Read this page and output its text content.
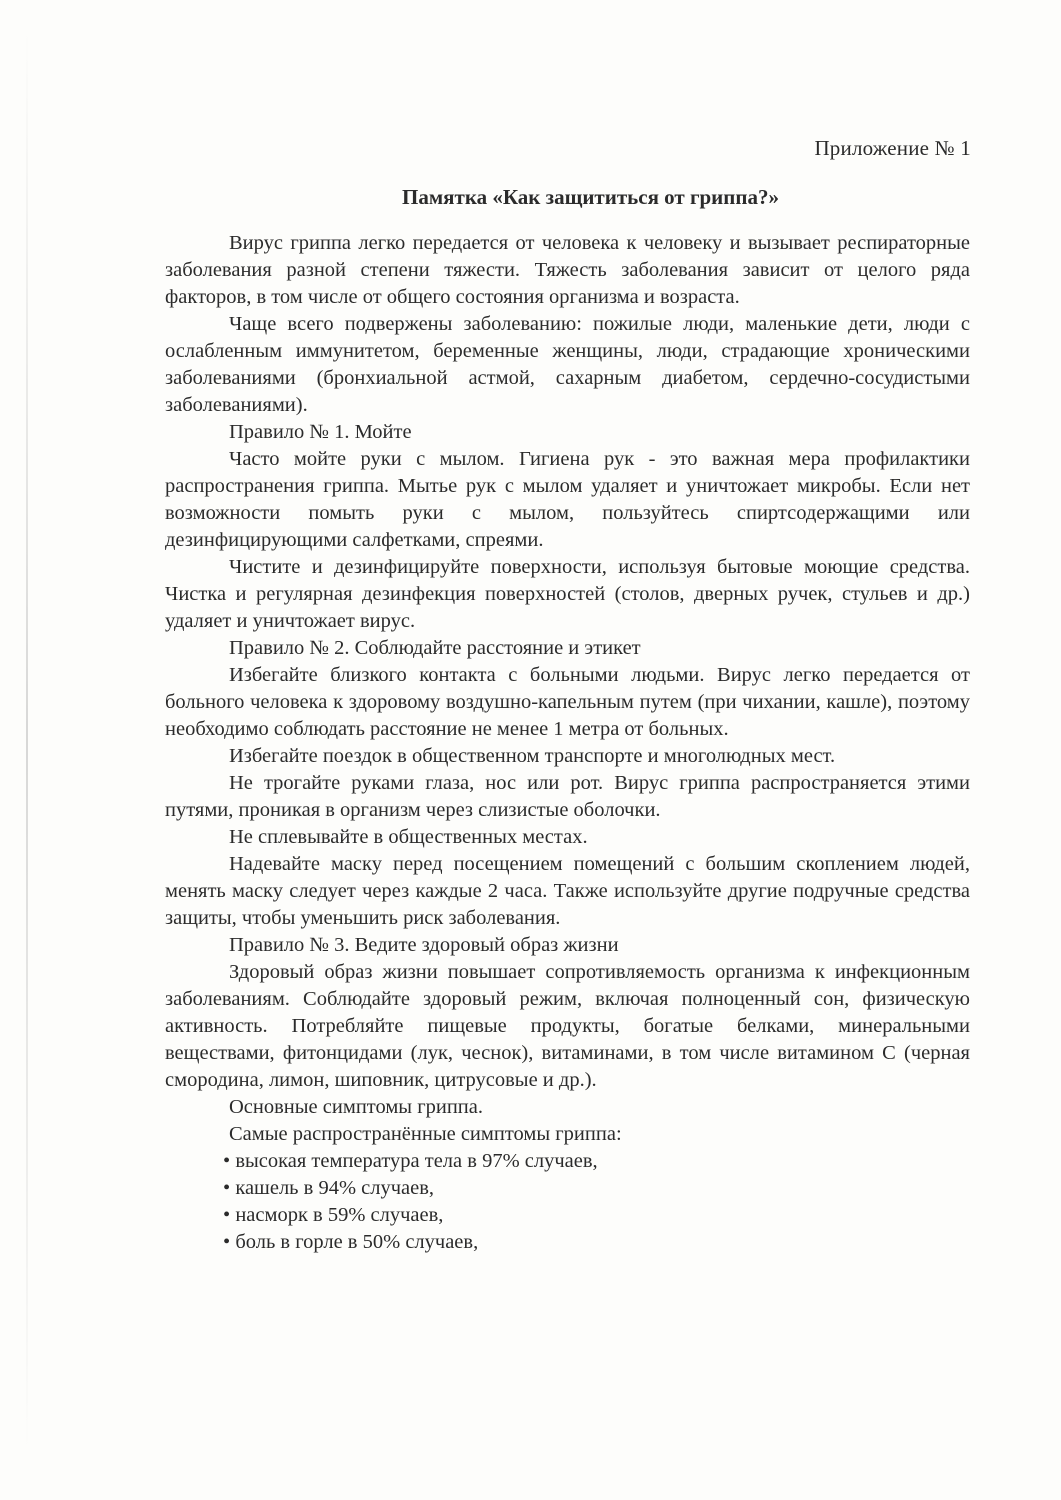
Приложение № 1
Памятка «Как защититься от гриппа?»

Вирус гриппа легко передается от человека к человеку и вызывает респираторные заболевания разной степени тяжести. Тяжесть заболевания зависит от целого ряда факторов, в том числе от общего состояния организма и возраста.

Чаще всего подвержены заболеванию: пожилые люди, маленькие дети, люди с ослабленным иммунитетом, беременные женщины, люди, страдающие хроническими заболеваниями (бронхиальной астмой, сахарным диабетом, сердечно-сосудистыми заболеваниями).

Правило № 1. Мойте

Часто мойте руки с мылом. Гигиена рук - это важная мера профилактики распространения гриппа. Мытье рук с мылом удаляет и уничтожает микробы. Если нет возможности помыть руки с мылом, пользуйтесь спиртсодержащими или дезинфицирующими салфетками, спреями.

Чистите и дезинфицируйте поверхности, используя бытовые моющие средства. Чистка и регулярная дезинфекция поверхностей (столов, дверных ручек, стульев и др.) удаляет и уничтожает вирус.

Правило № 2. Соблюдайте расстояние и этикет

Избегайте близкого контакта с больными людьми. Вирус легко передается от больного человека к здоровому воздушно-капельным путем (при чихании, кашле), поэтому необходимо соблюдать расстояние не менее 1 метра от больных.

Избегайте поездок в общественном транспорте и многолюдных мест.

Не трогайте руками глаза, нос или рот. Вирус гриппа распространяется этими путями, проникая в организм через слизистые оболочки.

Не сплевывайте в общественных местах.

Надевайте маску перед посещением помещений с большим скоплением людей, менять маску следует через каждые 2 часа. Также используйте другие подручные средства защиты, чтобы уменьшить риск заболевания.

Правило № 3. Ведите здоровый образ жизни

Здоровый образ жизни повышает сопротивляемость организма к инфекционным заболеваниям. Соблюдайте здоровый режим, включая полноценный сон, физическую активность. Потребляйте пищевые продукты, богатые белками, минеральными веществами, фитонцидами (лук, чеснок), витаминами, в том числе витамином С (черная смородина, лимон, шиповник, цитрусовые и др.).

Основные симптомы гриппа.

Самые распространённые симптомы гриппа:

• высокая температура тела в 97% случаев,
• кашель в 94% случаев,
• насморк в 59% случаев,
• боль в горле в 50% случаев,
